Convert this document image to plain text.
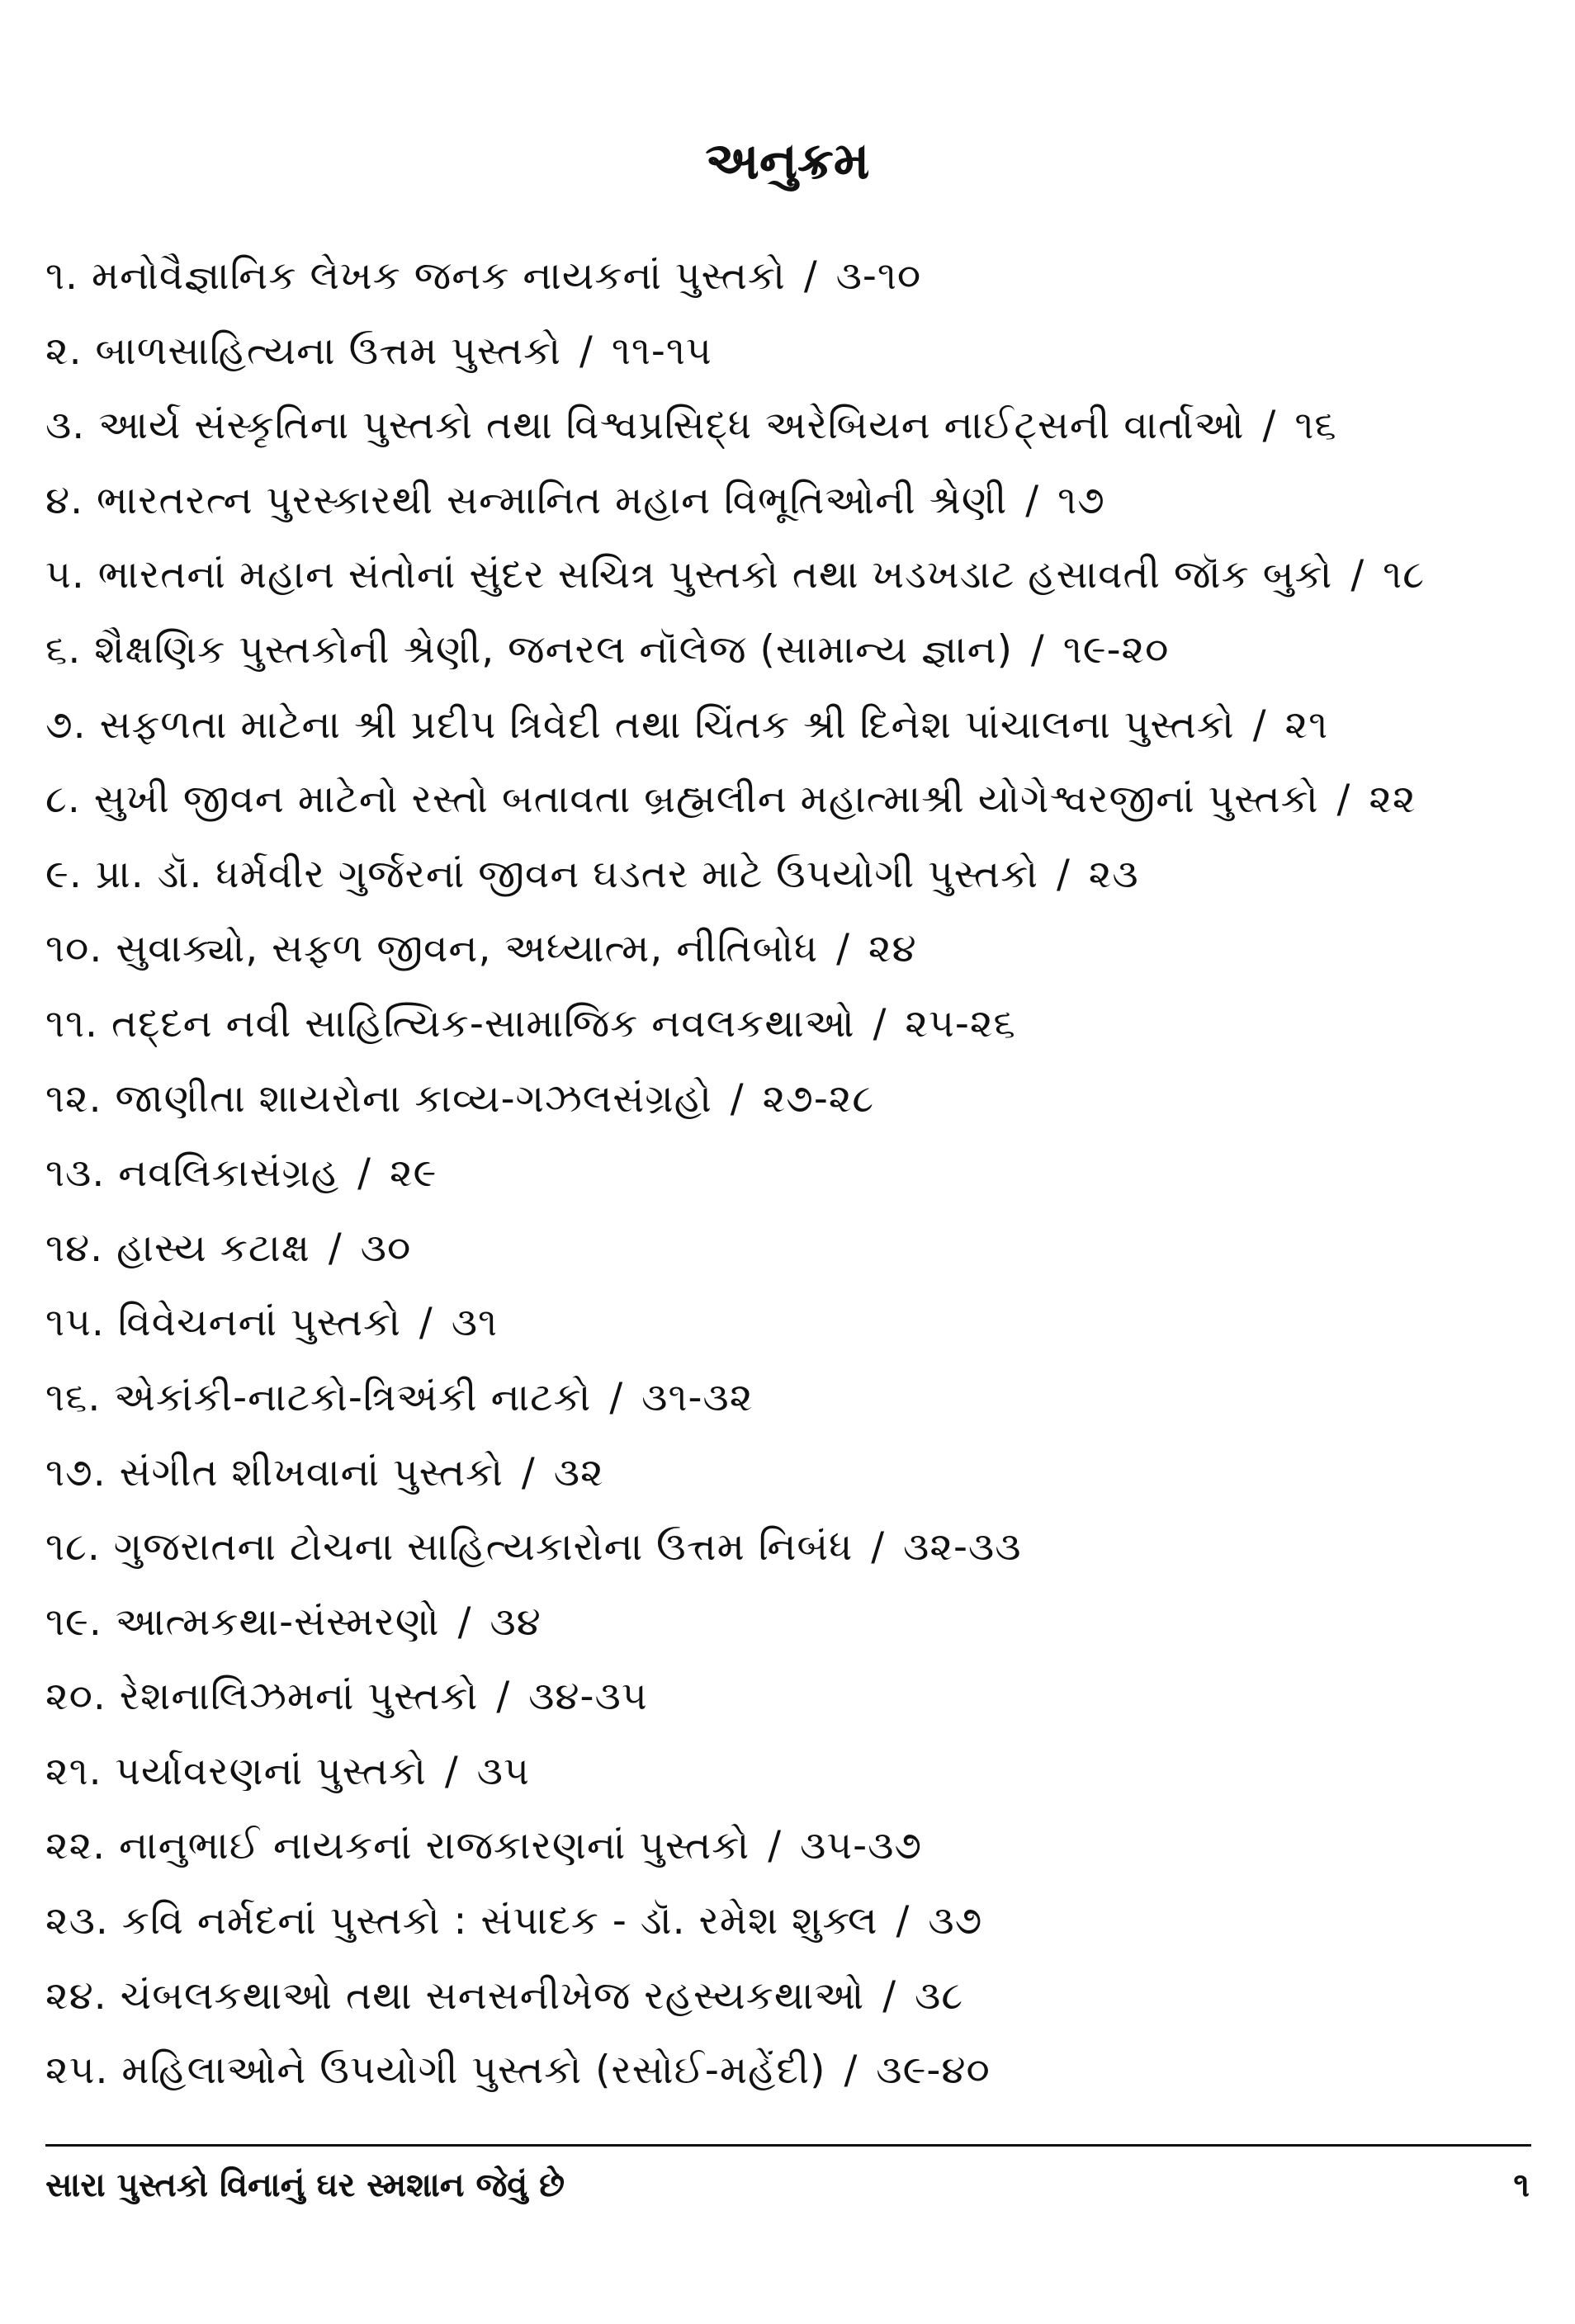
અનુક્રમ
૧. મનોવૈજ્ઞાનિક લેખક જનક નાયકનાં પુસ્તકો / ૩-૧૦
૨. બાળસાહિત્યના ઉત્તમ પુસ્તકો / ૧૧-૧૫
૩. આર્ય સંસ્કૃતિના પુસ્તકો તથા વિશ્વપ્રસિદ્ધ અરેબિયન નાઈટ્સની વાર્તાઓ / ૧૬
૪. ભારતરત્ન પુરસ્કારથી સન્માનિત મહાન વિભૂતિઓની શ્રેણી / ૧૭
૫. ભારતનાં મહાન સંતોનાં સુંદર સચિત્ર પુસ્તકો તથા ખડખડાટ હસાવતી જૉક બુકો / ૧૮
૬. શૈક્ષણિક પુસ્તકોની શ્રેણી, જનરલ નૉલેજ (સામાન્ય જ્ઞાન) / ૧૯-૨૦
૭. સફળતા માટેના શ્રી પ્રદીપ ત્રિવેદી તથા ચિંતક શ્રી દિનેશ પાંચાલના પુસ્તકો / ૨૧
૮. સુખી જીવન માટેનો રસ્તો બતાવતા બ્રહ્મલીન મહાત્માશ્રી યોગેશ્વરજીનાં પુસ્તકો / ૨૨
૯. પ્રા. ડૉ. ધર્મવીર ગુર્જરનાં જીવન ઘડતર માટે ઉપયોગી પુસ્તકો / ૨૩
૧૦. સુવાક્યો, સફળ જીવન, અધ્યાત્મ, નીતિબોધ / ૨૪
૧૧. તદ્દન નવી સાહિત્યિક-સામાજિક નવલકથાઓ / ૨૫-૨૬
૧૨. જાણીતા શાયરોના કાવ્ય-ગઝલસંગ્રહો / ૨૭-૨૮
૧૩. નવલિકાસંગ્રહ / ૨૯
૧૪. હાસ્ય કટાક્ષ / ૩૦
૧૫. વિવેચનનાં પુસ્તકો / ૩૧
૧૬. એકાંકી-નાટકો-ત્રિઅંકી નાટકો / ૩૧-૩૨
૧૭. સંગીત શીખવાનાં પુસ્તકો / ૩૨
૧૮. ગુજરાતના ટોચના સાહિત્યકારોના ઉત્તમ નિબંધ / ૩૨-૩૩
૧૯. આત્મકથા-સંસ્મરણો / ૩૪
૨૦. રેશનાલિઝમનાં પુસ્તકો / ૩૪-૩૫
૨૧. પર્યાવરણનાં પુસ્તકો / ૩૫
૨૨. નાનુભાઈ નાયકનાં રાજકારણનાં પુસ્તકો / ૩૫-૩૭
૨૩. કવિ નર્મદનાં પુસ્તકો : સંપાદક - ડૉ. રમેશ શુક્લ / ૩૭
૨૪. ચંબલકથાઓ તથા સનસનીખેજ રહસ્યકથાઓ / ૩૮
૨૫. મહિલાઓને ઉપયોગી પુસ્તકો (રસોઈ-મહેંદી) / ૩૯-૪૦
સારા પુસ્તકો વિનાનું ઘર સ્મશાન જેવું છે	૧
